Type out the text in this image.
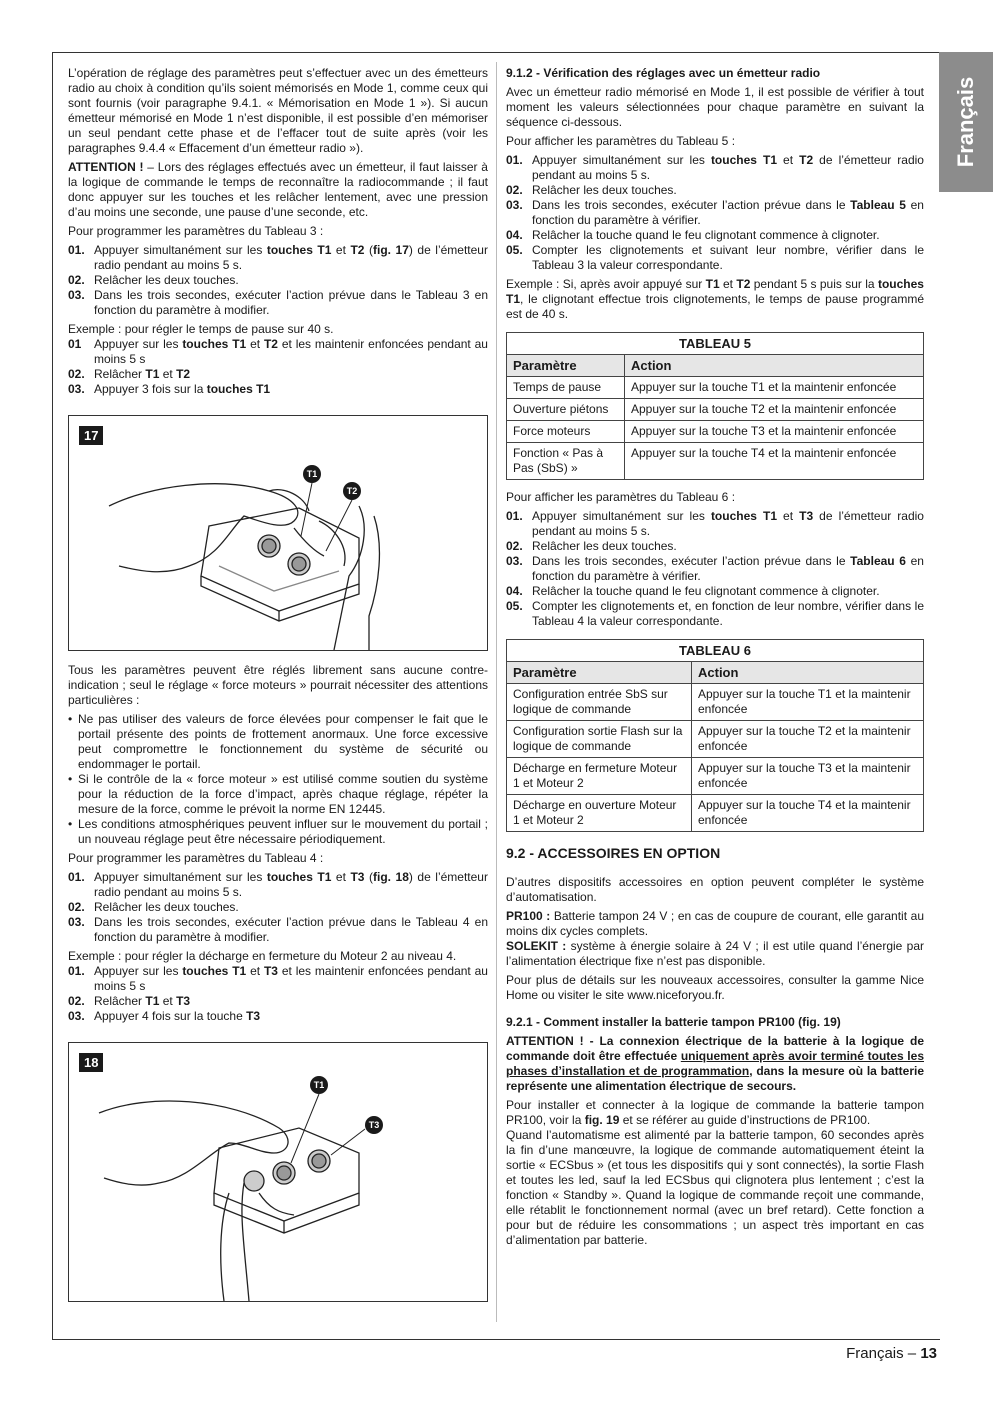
Français

L’opération de réglage des paramètres peut s’effectuer avec un des émetteurs radio au choix à condition qu’ils soient mémorisés en Mode 1, comme ceux qui sont fournis (voir paragraphe 9.4.1. « Mémorisation en Mode 1 »). Si aucun émetteur mémorisé en Mode 1 n’est disponible, il est possible d’en mémoriser un seul pendant cette phase et de l’effacer tout de suite après (voir les paragraphes 9.4.4 « Effacement d’un émetteur radio »).

ATTENTION ! – Lors des réglages effectués avec un émetteur, il faut laisser à la logique de commande le temps de reconnaître la radiocommande ; il faut donc appuyer sur les touches et les relâcher lentement, avec une pression d’au moins une seconde, une pause d’une seconde, etc.

Pour programmer les paramètres du Tableau 3 :

01. Appuyer simultanément sur les touches T1 et T2 (fig. 17) de l’émetteur radio pendant au moins 5 s.
02. Relâcher les deux touches.
03. Dans les trois secondes, exécuter l’action prévue dans le Tableau 3 en fonction du paramètre à modifier.

Exemple : pour régler le temps de pause sur 40 s.

01 Appuyer sur les touches T1 et T2 et les maintenir enfoncées pendant au moins 5 s
02. Relâcher T1 et T2
03. Appuyer 3 fois sur la touches T1
17
T1
T2

Tous les paramètres peuvent être réglés librement sans aucune contre-indication ; seul le réglage « force moteurs » pourrait nécessiter des attentions particulières :

• Ne pas utiliser des valeurs de force élevées pour compenser le fait que le portail présente des points de frottement anormaux. Une force excessive peut compromettre le fonctionnement du système de sécurité ou endommager le portail.
• Si le contrôle de la « force moteur » est utilisé comme soutien du système pour la réduction de la force d’impact, après chaque réglage, répéter la mesure de la force, comme le prévoit la norme EN 12445.
• Les conditions atmosphériques peuvent influer sur le mouvement du portail ; un nouveau réglage peut être nécessaire périodiquement.

Pour programmer les paramètres du Tableau 4 :

01. Appuyer simultanément sur les touches T1 et T3 (fig. 18) de l’émetteur radio pendant au moins 5 s.
02. Relâcher les deux touches.
03. Dans les trois secondes, exécuter l’action prévue dans le Tableau 4 en fonction du paramètre à modifier.

Exemple : pour régler la décharge en fermeture du Moteur 2 au niveau 4.

01. Appuyer sur les touches T1 et T3 et les maintenir enfoncées pendant au moins 5 s
02. Relâcher T1 et T3
03. Appuyer 4 fois sur la touche T3
18
T1
T3
9.1.2 - Vérification des réglages avec un émetteur radio

Avec un émetteur radio mémorisé en Mode 1, il est possible de vérifier à tout moment les valeurs sélectionnées pour chaque paramètre en suivant la séquence ci-dessous.

Pour afficher les paramètres du Tableau 5 :

01. Appuyer simultanément sur les touches T1 et T2 de l’émetteur radio pendant au moins 5 s.
02. Relâcher les deux touches.
03. Dans les trois secondes, exécuter l’action prévue dans le Tableau 5 en fonction du paramètre à vérifier.
04. Relâcher la touche quand le feu clignotant commence à clignoter.
05. Compter les clignotements et suivant leur nombre, vérifier dans le Tableau 3 la valeur correspondante.

Exemple : Si, après avoir appuyé sur T1 et T2 pendant 5 s puis sur la touches T1, le clignotant effectue trois clignotements, le temps de pause programmé est de 40 s.

TABLEAU 5	
Paramètre	Action
Temps de pause	Appuyer sur la touche T1 et la maintenir enfoncée
Ouverture piétons	Appuyer sur la touche T2 et la maintenir enfoncée
Force moteurs	Appuyer sur la touche T3 et la maintenir enfoncée
Fonction « Pas à Pas (SbS) »	Appuyer sur la touche T4 et la maintenir enfoncée

Pour afficher les paramètres du Tableau 6 :

01. Appuyer simultanément sur les touches T1 et T3 de l’émetteur radio pendant au moins 5 s.
02. Relâcher les deux touches.
03. Dans les trois secondes, exécuter l’action prévue dans le Tableau 6 en fonction du paramètre à vérifier.
04. Relâcher la touche quand le feu clignotant commence à clignoter.
05. Compter les clignotements et, en fonction de leur nombre, vérifier dans le Tableau 4 la valeur correspondante.
TABLEAU 6	
Paramètre	Action
Configuration entrée SbS sur logique de commande	Appuyer sur la touche T1 et la maintenir enfoncée
Configuration sortie Flash sur la logique de commande	Appuyer sur la touche T2 et la maintenir enfoncée
Décharge en fermeture Moteur 1 et Moteur 2	Appuyer sur la touche T3 et la maintenir enfoncée
Décharge en ouverture Moteur 1 et Moteur 2	Appuyer sur la touche T4 et la maintenir enfoncée
9.2 - ACCESSOIRES EN OPTION

D’autres dispositifs accessoires en option peuvent compléter le système d’automatisation.

PR100 : Batterie tampon 24 V ; en cas de coupure de courant, elle garantit au moins dix cycles complets.

SOLEKIT : système à énergie solaire à 24 V ; il est utile quand l’énergie par l’alimentation électrique fixe n’est pas disponible.

Pour plus de détails sur les nouveaux accessoires, consulter la gamme Nice Home ou visiter le site www.niceforyou.fr.

9.2.1 - Comment installer la batterie tampon PR100 (fig. 19)

ATTENTION ! - La connexion électrique de la batterie à la logique de commande doit être effectuée uniquement après avoir terminé toutes les phases d’installation et de programmation, dans la mesure où la batterie représente une alimentation électrique de secours.

Pour installer et connecter à la logique de commande la batterie tampon PR100, voir la fig. 19 et se référer au guide d’instructions de PR100.

Quand l’automatisme est alimenté par la batterie tampon, 60 secondes après la fin d’une manœuvre, la logique de commande automatiquement éteint la sortie « ECSbus » (et tous les dispositifs qui y sont connectés), la sortie Flash et toutes les led, sauf la led ECSbus qui clignotera plus lentement ; c’est la fonction « Standby ». Quand la logique de commande reçoit une commande, elle rétablit le fonctionnement normal (avec un bref retard). Cette fonction a pour but de réduire les consommations ; un aspect très important en cas d’alimentation par batterie.

Français – 13
